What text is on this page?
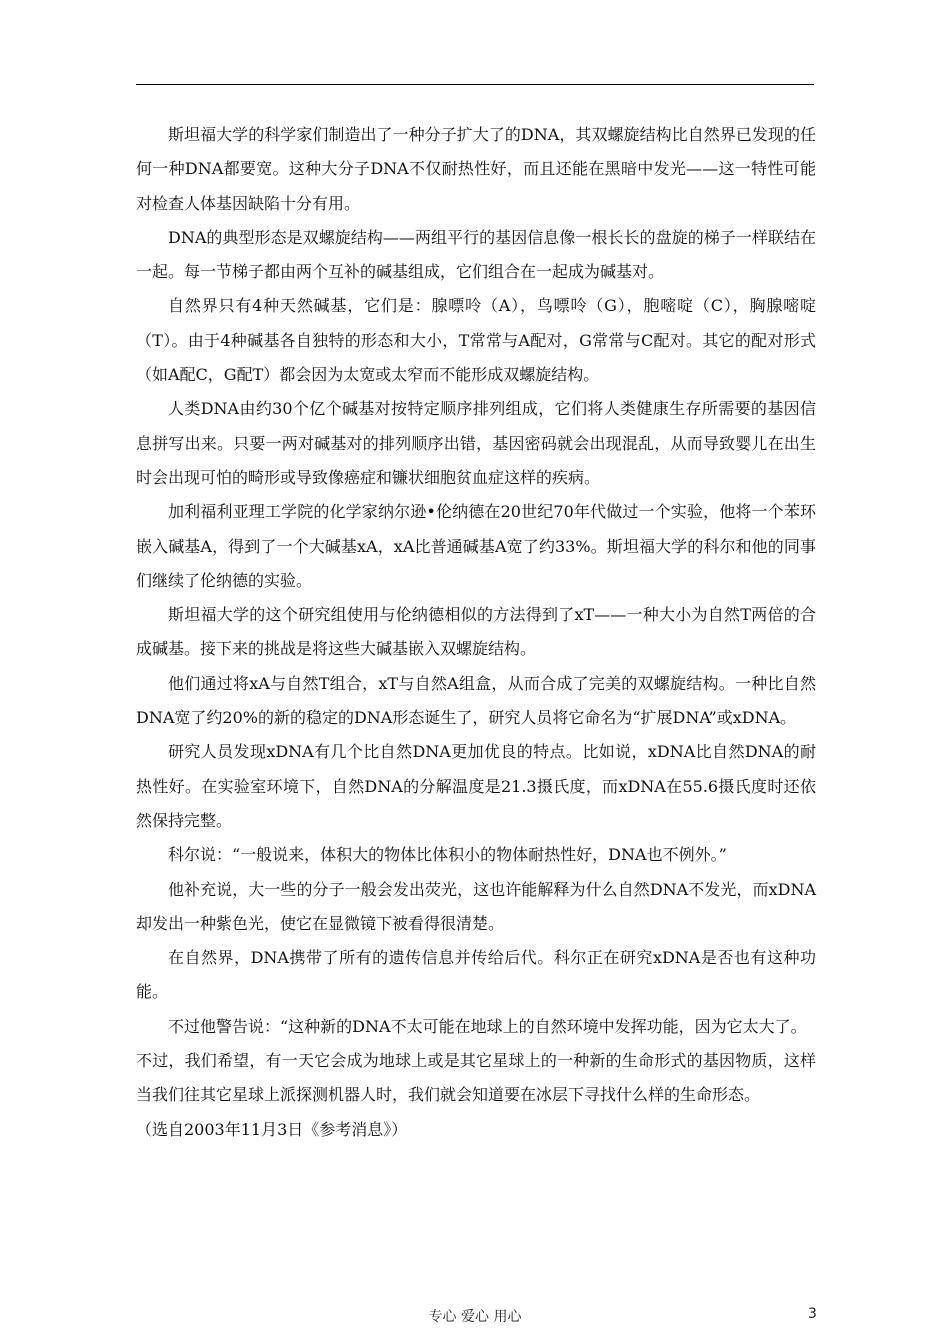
斯坦福大学的科学家们制造出了一种分子扩大了的DNA，其双螺旋结构比自然界已发现的任何一种DNA都要宽。这种大分子DNA不仅耐热性好，而且还能在黑暗中发光——这一特性可能对检查人体基因缺陷十分有用。

DNA的典型形态是双螺旋结构——两组平行的基因信息像一根长长的盘旋的梯子一样联结在一起。每一节梯子都由两个互补的碱基组成，它们组合在一起成为碱基对。

自然界只有4种天然碱基，它们是：腺嘌呤（A），鸟嘌呤（G），胞嘧啶（C），胸腺嘧啶（T）。由于4种碱基各自独特的形态和大小，T常常与A配对，G常常与C配对。其它的配对形式（如A配C，G配T）都会因为太宽或太窄而不能形成双螺旋结构。

人类DNA由约30个亿个碱基对按特定顺序排列组成，它们将人类健康生存所需要的基因信息拼写出来。只要一两对碱基对的排列顺序出错，基因密码就会出现混乱，从而导致婴儿在出生时会出现可怕的畸形或导致像癌症和镰状细胞贫血症这样的疾病。

加利福利亚理工学院的化学家纳尔逊•伦纳德在20世纪70年代做过一个实验，他将一个苯环嵌入碱基A，得到了一个大碱基xA，xA比普通碱基A宽了约33%。斯坦福大学的科尔和他的同事们继续了伦纳德的实验。

斯坦福大学的这个研究组使用与伦纳德相似的方法得到了xT——一种大小为自然T两倍的合成碱基。接下来的挑战是将这些大碱基嵌入双螺旋结构。

他们通过将xA与自然T组合，xT与自然A组盒，从而合成了完美的双螺旋结构。一种比自然DNA宽了约20%的新的稳定的DNA形态诞生了，研究人员将它命名为“扩展DNA”或xDNA。

研究人员发现xDNA有几个比自然DNA更加优良的特点。比如说，xDNA比自然DNA的耐热性好。在实验室环境下，自然DNA的分解温度是21.3摄氏度，而xDNA在55.6摄氏度时还依然保持完整。

科尔说：“一般说来，体积大的物体比体积小的物体耐热性好，DNA也不例外。”

他补充说，大一些的分子一般会发出荧光，这也许能解释为什么自然DNA不发光，而xDNA却发出一种紫色光，使它在显微镜下被看得很清楚。

在自然界，DNA携带了所有的遗传信息并传给后代。科尔正在研究xDNA是否也有这种功能。

不过他警告说：“这种新的DNA不太可能在地球上的自然环境中发挥功能，因为它太大了。

不过，我们希望，有一天它会成为地球上或是其它星球上的一种新的生命形式的基因物质，这样当我们往其它星球上派探测机器人时，我们就会知道要在冰层下寻找什么样的生命形态。

（选自2003年11月3日《参考消息》）

专心 爱心 用心	3
